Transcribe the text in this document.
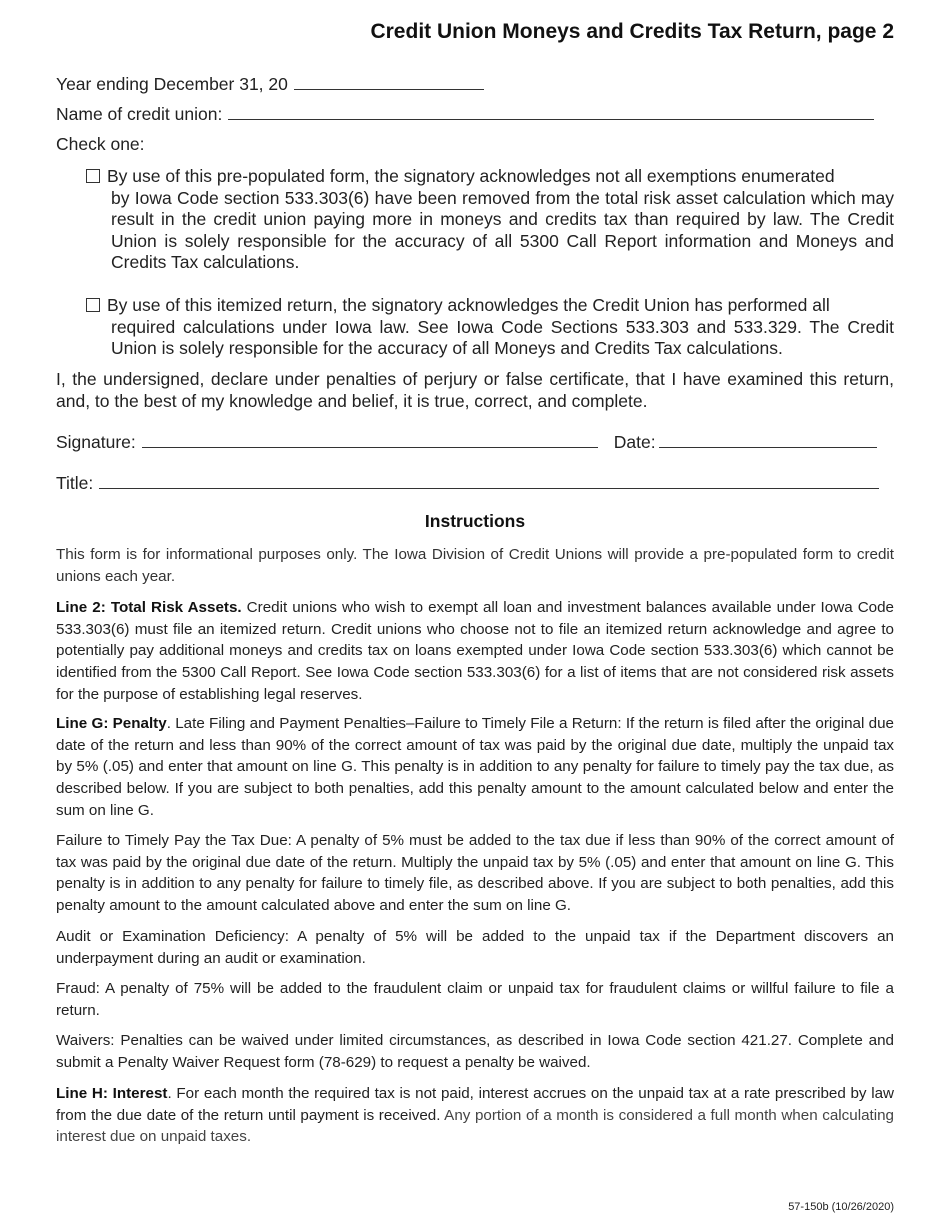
Credit Union Moneys and Credits Tax Return, page 2
Year ending December 31, 20
Name of credit union:
Check one:
By use of this pre-populated form, the signatory acknowledges not all exemptions enumerated
by Iowa Code section 533.303(6) have been removed from the total risk asset calculation which may result in the credit union paying more in moneys and credits tax than required by law. The Credit Union is solely responsible for the accuracy of all 5300 Call Report information and Moneys and Credits Tax calculations.
By use of this itemized return, the signatory acknowledges the Credit Union has performed all
required calculations under Iowa law. See Iowa Code Sections 533.303 and 533.329. The Credit Union is solely responsible for the accuracy of all Moneys and Credits Tax calculations.

I, the undersigned, declare under penalties of perjury or false certificate, that I have examined this return, and, to the best of my knowledge and belief, it is true, correct, and complete.

Signature:	Date:
Title:
Instructions

This form is for informational purposes only. The Iowa Division of Credit Unions will provide a pre-populated form to credit unions each year.

Line 2: Total Risk Assets. Credit unions who wish to exempt all loan and investment balances available under Iowa Code 533.303(6) must file an itemized return. Credit unions who choose not to file an itemized return acknowledge and agree to potentially pay additional moneys and credits tax on loans exempted under Iowa Code section 533.303(6) which cannot be identified from the 5300 Call Report. See Iowa Code section 533.303(6) for a list of items that are not considered risk assets for the purpose of establishing legal reserves.

Line G: Penalty. Late Filing and Payment Penalties–Failure to Timely File a Return: If the return is filed after the original due date of the return and less than 90% of the correct amount of tax was paid by the original due date, multiply the unpaid tax by 5% (.05) and enter that amount on line G. This penalty is in addition to any penalty for failure to timely pay the tax due, as described below. If you are subject to both penalties, add this penalty amount to the amount calculated below and enter the sum on line G.

Failure to Timely Pay the Tax Due: A penalty of 5% must be added to the tax due if less than 90% of the correct amount of tax was paid by the original due date of the return. Multiply the unpaid tax by 5% (.05) and enter that amount on line G. This penalty is in addition to any penalty for failure to timely file, as described above. If you are subject to both penalties, add this penalty amount to the amount calculated above and enter the sum on line G.

Audit or Examination Deficiency: A penalty of 5% will be added to the unpaid tax if the Department discovers an underpayment during an audit or examination.

Fraud: A penalty of 75% will be added to the fraudulent claim or unpaid tax for fraudulent claims or willful failure to file a return.

Waivers: Penalties can be waived under limited circumstances, as described in Iowa Code section 421.27. Complete and submit a Penalty Waiver Request form (78-629) to request a penalty be waived.

Line H: Interest. For each month the required tax is not paid, interest accrues on the unpaid tax at a rate prescribed by law from the due date of the return until payment is received. Any portion of a month is considered a full month when calculating interest due on unpaid taxes.

57-150b (10/26/2020)
